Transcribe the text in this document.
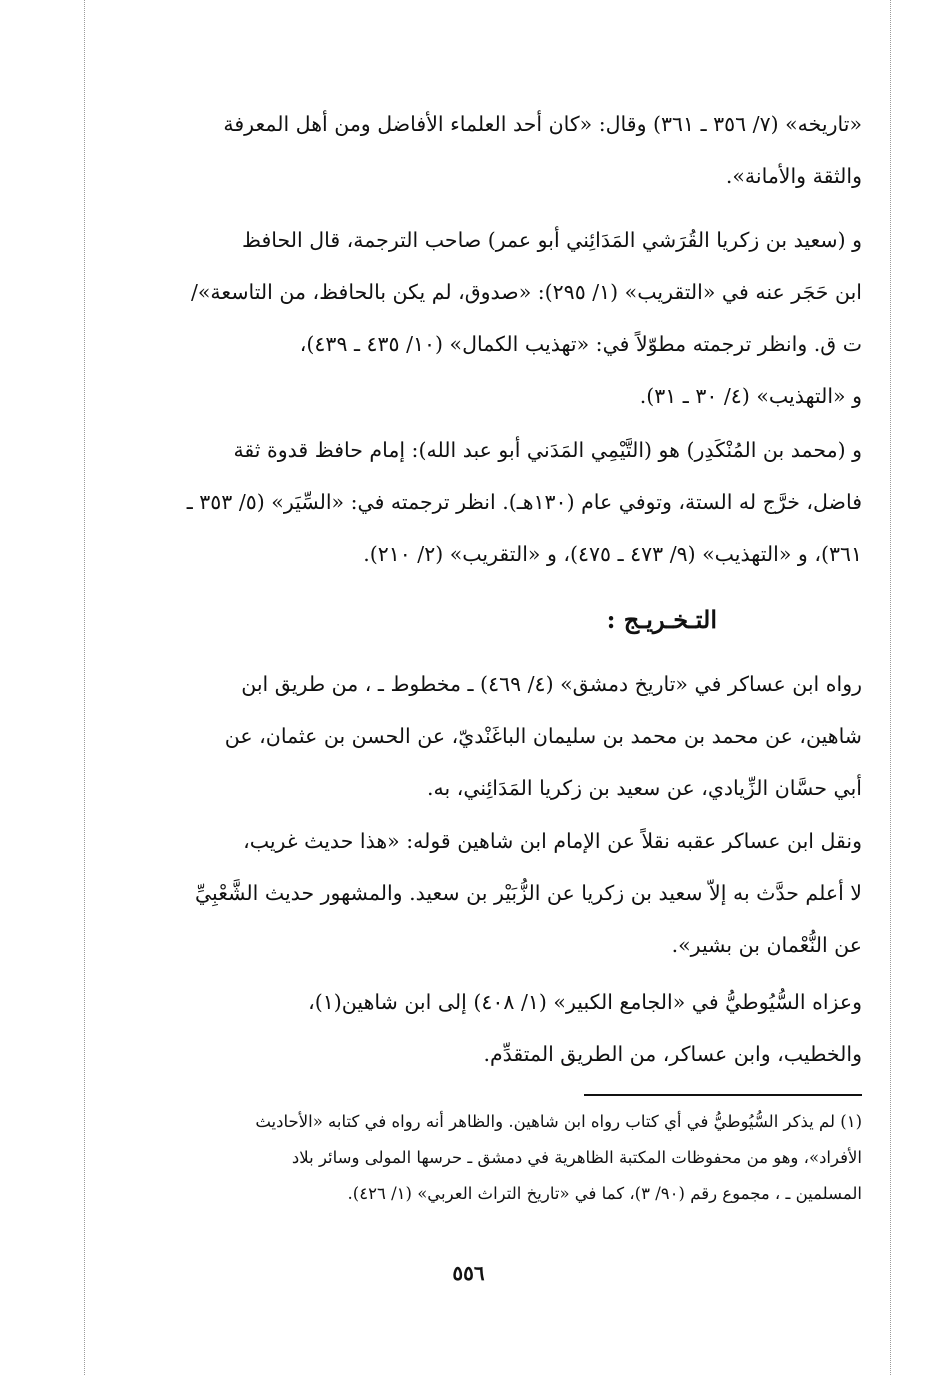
«تاريخه» (٧/ ٣٥٦ ـ ٣٦١) وقال: «كان أحد العلماء الأفاضل ومن أهل المعرفة
والثقة والأمانة».
و (سعيد بن زكريا القُرَشي المَدَائِني أبو عمر) صاحب الترجمة، قال الحافظ
ابن حَجَر عنه في «التقريب» (١/ ٢٩٥): «صدوق، لم يكن بالحافظ، من التاسعة»/
ت ق. وانظر ترجمته مطوّلاً في: «تهذيب الكمال» (١٠/ ٤٣٥ ـ ٤٣٩)،
و «التهذيب» (٤/ ٣٠ ـ ٣١).
و (محمد بن المُنْكَدِر) هو (التَّيْمِي المَدَني أبو عبد الله): إمام حافظ قدوة ثقة
فاضل، خرَّج له الستة، وتوفي عام (١٣٠هـ). انظر ترجمته في: «السِّيَر» (٥/ ٣٥٣ ـ
٣٦١)، و «التهذيب» (٩/ ٤٧٣ ـ ٤٧٥)، و «التقريب» (٢/ ٢١٠).
التـخـريـج :
رواه ابن عساكر في «تاريخ دمشق» (٤/ ٤٦٩) ـ مخطوط ـ ، من طريق ابن
شاهين، عن محمد بن محمد بن سليمان الباغَنْديّ، عن الحسن بن عثمان، عن
أبي حسَّان الزِّيادي، عن سعيد بن زكريا المَدَائِني، به.
ونقل ابن عساكر عقبه نقلاً عن الإمام ابن شاهين قوله: «هذا حديث غريب،
لا أعلم حدَّث به إلاّ سعيد بن زكريا عن الزُّبَيْر بن سعيد. والمشهور حديث الشَّعْبِيِّ
عن النُّعْمان بن بشير».
وعزاه السُّيُوطيُّ في «الجامع الكبير» (١/ ٤٠٨) إلى ابن شاهين(١)،
والخطيب، وابن عساكر، من الطريق المتقدِّم.
(١) لم يذكر السُّيُوطيُّ في أي كتاب رواه ابن شاهين. والظاهر أنه رواه في كتابه «الأحاديث
الأفراد»، وهو من محفوظات المكتبة الظاهرية في دمشق ـ حرسها المولى وسائر بلاد
المسلمين ـ ، مجموع رقم (٩٠/ ٣)، كما في «تاريخ التراث العربي» (١/ ٤٢٦).
٥٥٦
